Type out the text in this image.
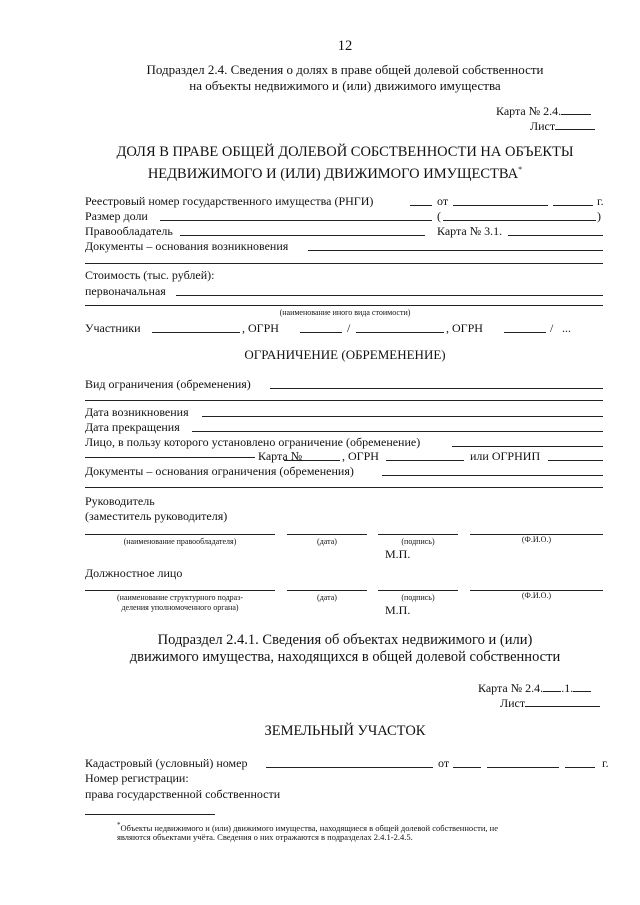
12
Подраздел 2.4. Сведения о долях в праве общей долевой собственности
на объекты недвижимого и (или) движимого имущества
Карта № 2.4.
Лист
ДОЛЯ В ПРАВЕ ОБЩЕЙ ДОЛЕВОЙ СОБСТВЕННОСТИ НА ОБЪЕКТЫ
НЕДВИЖИМОГО И (ИЛИ) ДВИЖИМОГО ИМУЩЕСТВА*
Реестровый номер государственного имущества (РНГИ)	от	г.
Размер доли	(	)
Правообладатель	Карта № 3.1.
Документы – основания возникновения
Стоимость (тыс. рублей):
первоначальная
(наименование иного вида стоимости)
Участники	, ОГРН	/	, ОГРН	/ ...
ОГРАНИЧЕНИЕ (ОБРЕМЕНЕНИЕ)
Вид ограничения (обременения)
Дата возникновения
Дата прекращения
Лицо, в пользу которого установлено ограничение (обременение)
Карта №	, ОГРН	или ОГРНИП
Документы – основания ограничения (обременения)
Руководитель
(заместитель руководителя)
(наименование правообладателя)	(дата)	(подпись)	(Ф.И.О.)
М.П.
Должностное лицо
(наименование структурного подраз-
деления уполномоченного органа)
(дата)	(подпись)	(Ф.И.О.)
М.П.
Подраздел 2.4.1. Сведения об объектах недвижимого и (или)
движимого имущества, находящихся в общей долевой собственности
Карта № 2.4. .1.
Лист
ЗЕМЕЛЬНЫЙ УЧАСТОК
Кадастровый (условный) номер	от	г.
Номер регистрации:
права государственной собственности
*Объекты недвижимого и (или) движимого имущества, находящиеся в общей долевой собственности, не
являются объектами учёта. Сведения о них отражаются в подразделах 2.4.1-2.4.5.
